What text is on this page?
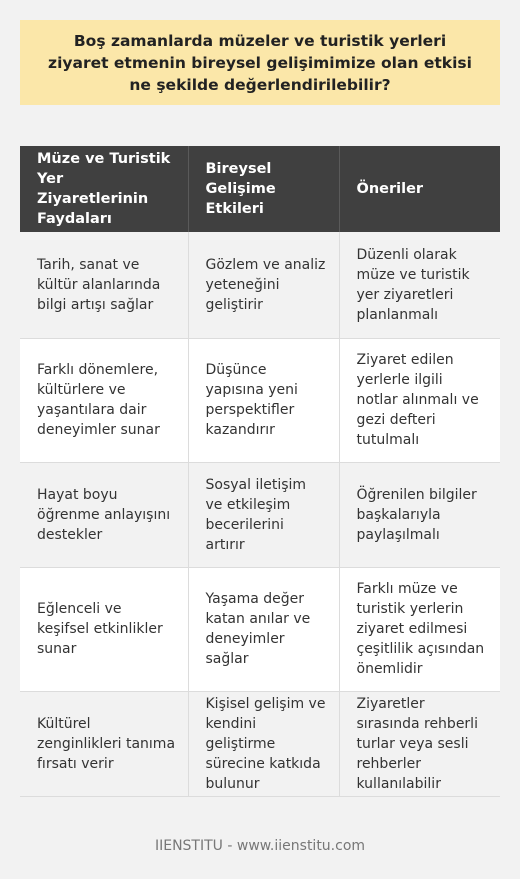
Boş zamanlarda müzeler ve turistik yerleri ziyaret etmenin bireysel gelişimimize olan etkisi ne şekilde değerlendirilebilir?
Müze ve Turistik Yer Ziyaretlerinin Faydaları	Bireysel Gelişime Etkileri	Öneriler
Tarih, sanat ve kültür alanlarında bilgi artışı sağlar	Gözlem ve analiz yeteneğini geliştirir	Düzenli olarak müze ve turistik yer ziyaretleri planlanmalı
Farklı dönemlere, kültürlere ve yaşantılara dair deneyimler sunar	Düşünce yapısına yeni perspektifler kazandırır	Ziyaret edilen yerlerle ilgili notlar alınmalı ve gezi defteri tutulmalı
Hayat boyu öğrenme anlayışını destekler	Sosyal iletişim ve etkileşim becerilerini artırır	Öğrenilen bilgiler başkalarıyla paylaşılmalı
Eğlenceli ve keşifsel etkinlikler sunar	Yaşama değer katan anılar ve deneyimler sağlar	Farklı müze ve turistik yerlerin ziyaret edilmesi çeşitlilik açısından önemlidir
Kültürel zenginlikleri tanıma fırsatı verir	Kişisel gelişim ve kendini geliştirme sürecine katkıda bulunur	Ziyaretler sırasında rehberli turlar veya sesli rehberler kullanılabilir
IIENSTITU - www.iienstitu.com
